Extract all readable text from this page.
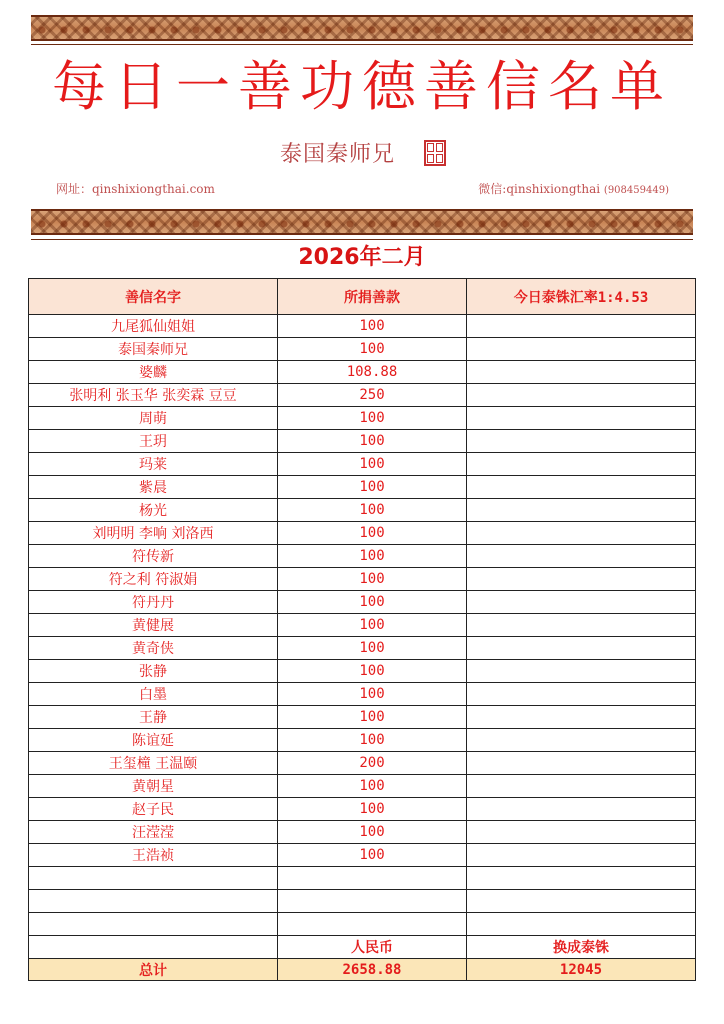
每日一善功德善信名单
泰国秦师兄
网址：qinshixiongthai.com	微信:qinshixiongthai (908459449)
2026年二月
善信名字	所捐善款	今日泰铢汇率1:4.53
九尾狐仙姐姐	100	
泰国秦师兄	100	
婆麟	108.88	
张明利 张玉华 张奕霖 豆豆	250	
周萌	100	
王玥	100	
玛莱	100	
紫晨	100	
杨光	100	
刘明明 李响 刘洛西	100	
符传新	100	
符之利 符淑娟	100	
符丹丹	100	
黄健展	100	
黄奇侠	100	
张静	100	
白墨	100	
王静	100	
陈谊延	100	
王玺橦 王温颐	200	
黄朝星	100	
赵子民	100	
汪滢滢	100	
王浩祯	100	

	人民币	换成泰铢
总计	2658.88	12045
